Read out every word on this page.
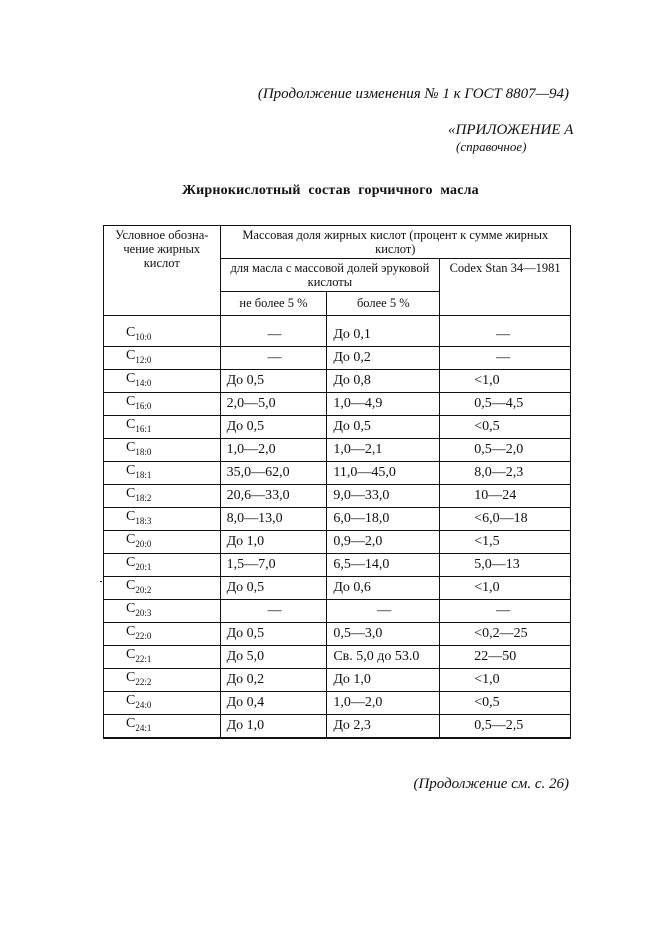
(Продолжение изменения № 1 к ГОСТ 8807—94)
«ПРИЛОЖЕНИЕ А
(справочное)
Жирнокислотный состав горчичного масла
Условное обозна-чение жирных кислот	Массовая доля жирных кислот (процент к сумме жирных кислот)		
	для масла с массовой долей эруковой кислоты		Codex Stan 34—1981
	не более 5 %	более 5 %	

$C_{10:0}$	—	До 0,1	—
$C_{12:0}$	—	До 0,2	—
$C_{14:0}$	До 0,5	До 0,8	<1,0
$C_{16:0}$	2,0—5,0	1,0—4,9	0,5—4,5
$C_{16:1}$	До 0,5	До 0,5	<0,5
$C_{18:0}$	1,0—2,0	1,0—2,1	0,5—2,0
$C_{18:1}$	35,0—62,0	11,0—45,0	8,0—2,3
$C_{18:2}$	20,6—33,0	9,0—33,0	10—24
$C_{18:3}$	8,0—13,0	6,0—18,0	<6,0—18
$C_{20:0}$	До 1,0	0,9—2,0	<1,5
$C_{20:1}$	1,5—7,0	6,5—14,0	5,0—13
$C_{20:2}$	До 0,5	До 0,6	<1,0
$C_{20:3}$	—	—	—
$C_{22:0}$	До 0,5	0,5—3,0	<0,2—25
$C_{22:1}$	До 5,0	Св. 5,0 до 53.0	22—50
$C_{22:2}$	До 0,2	До 1,0	<1,0
$C_{24:0}$	До 0,4	1,0—2,0	<0,5
$C_{24:1}$	До 1,0	До 2,3	0,5—2,5
(Продолжение см. с. 26)
